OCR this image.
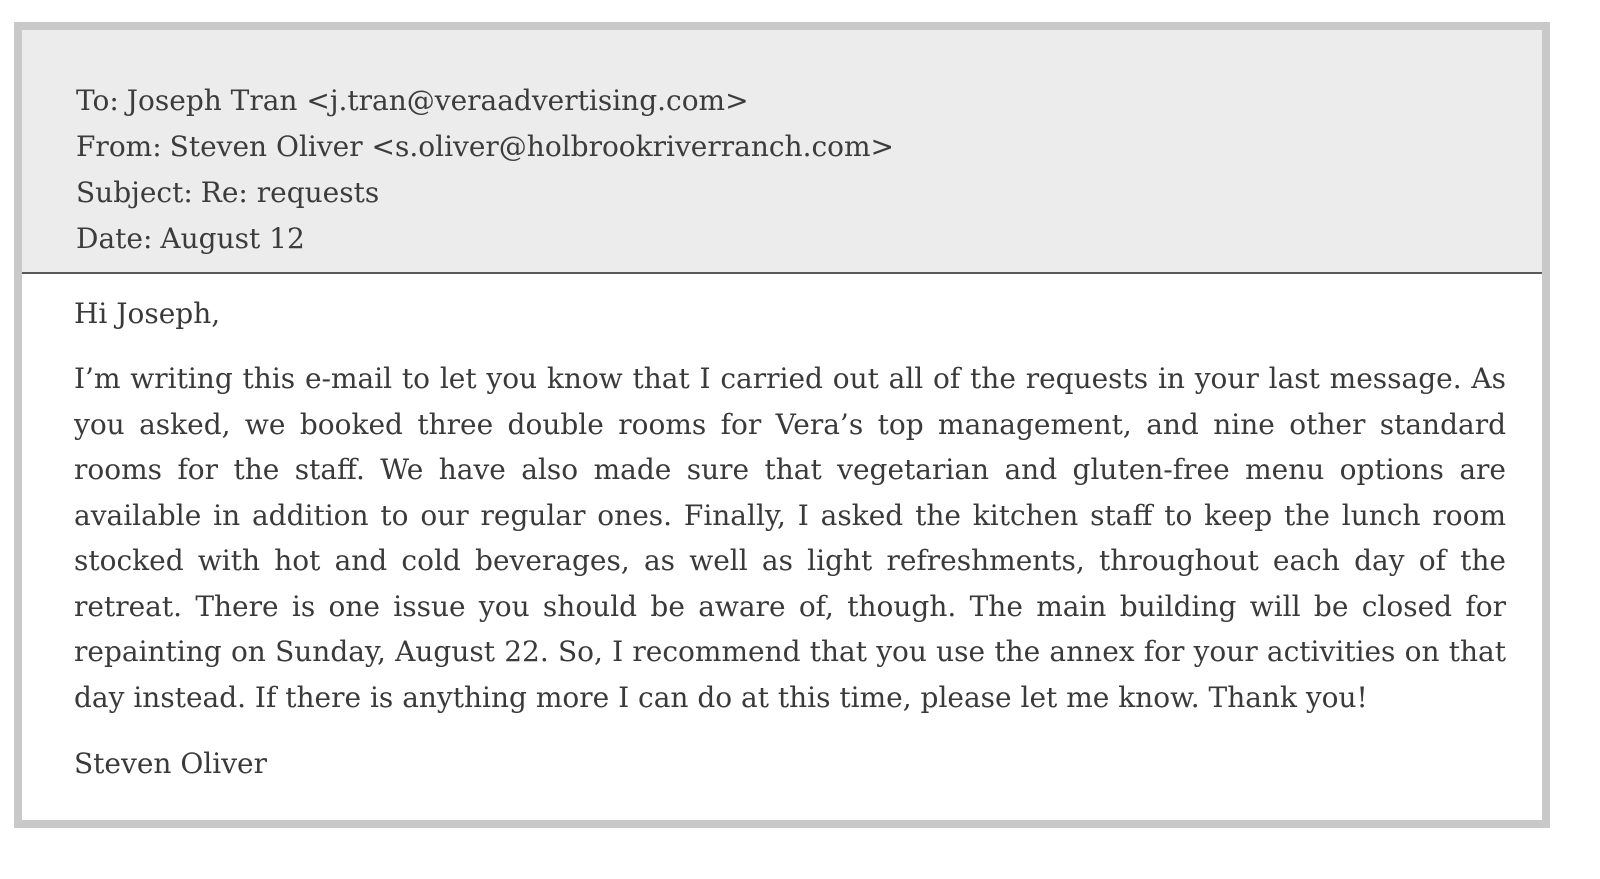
To: Joseph Tran <j.tran@veraadvertising.com>
From: Steven Oliver <s.oliver@holbrookriverranch.com>
Subject: Re: requests
Date: August 12

Hi Joseph,

I’m writing this e-mail to let you know that I carried out all of the requests in your last message. As you asked, we booked three double rooms for Vera’s top management, and nine other standard rooms for the staff. We have also made sure that vegetarian and gluten-free menu options are available in addition to our regular ones. Finally, I asked the kitchen staff to keep the lunch room stocked with hot and cold beverages, as well as light refreshments, throughout each day of the retreat. There is one issue you should be aware of, though. The main building will be closed for repainting on Sunday, August 22. So, I recommend that you use the annex for your activities on that day instead. If there is anything more I can do at this time, please let me know. Thank you!

Steven Oliver
